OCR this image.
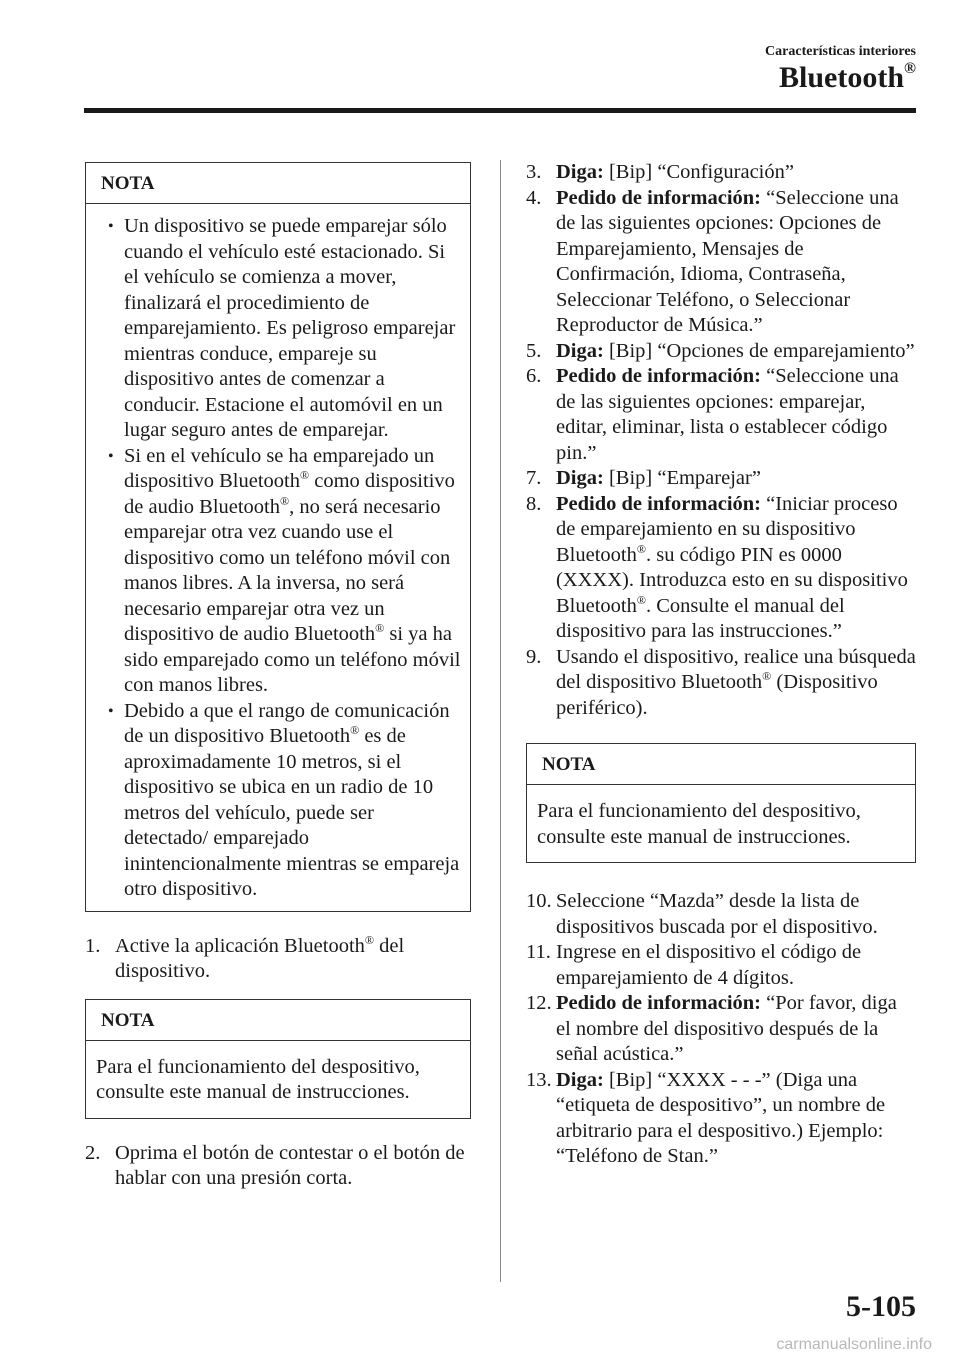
Características interiores
Bluetooth®
NOTA

• Un dispositivo se puede emparejar sólo cuando el vehículo esté estacionado. Si el vehículo se comienza a mover, finalizará el procedimiento de emparejamiento. Es peligroso emparejar mientras conduce, empareje su dispositivo antes de comenzar a conducir. Estacione el automóvil en un lugar seguro antes de emparejar.

• Si en el vehículo se ha emparejado un dispositivo Bluetooth® como dispositivo de audio Bluetooth®, no será necesario emparejar otra vez cuando use el dispositivo como un teléfono móvil con manos libres. A la inversa, no será necesario emparejar otra vez un dispositivo de audio Bluetooth® si ya ha sido emparejado como un teléfono móvil con manos libres.

• Debido a que el rango de comunicación de un dispositivo Bluetooth® es de aproximadamente 10 metros, si el dispositivo se ubica en un radio de 10 metros del vehículo, puede ser detectado/ emparejado inintencionalmente mientras se empareja otro dispositivo.

1. Active la aplicación Bluetooth® del dispositivo.

NOTA
Para el funcionamiento del despositivo, consulte este manual de instrucciones.

2. Oprima el botón de contestar o el botón de hablar con una presión corta.

3. Diga: [Bip] “Configuración”

4. Pedido de información: “Seleccione una de las siguientes opciones: Opciones de Emparejamiento, Mensajes de Confirmación, Idioma, Contraseña, Seleccionar Teléfono, o Seleccionar Reproductor de Música.”

5. Diga: [Bip] “Opciones de emparejamiento”

6. Pedido de información: “Seleccione una de las siguientes opciones: emparejar, editar, eliminar, lista o establecer código pin.”

7. Diga: [Bip] “Emparejar”

8. Pedido de información: “Iniciar proceso de emparejamiento en su dispositivo Bluetooth®. su código PIN es 0000 (XXXX). Introduzca esto en su dispositivo Bluetooth®. Consulte el manual del dispositivo para las instrucciones.”

9. Usando el dispositivo, realice una búsqueda del dispositivo Bluetooth® (Dispositivo periférico).

NOTA
Para el funcionamiento del despositivo, consulte este manual de instrucciones.

10. Seleccione “Mazda” desde la lista de dispositivos buscada por el dispositivo.

11. Ingrese en el dispositivo el código de emparejamiento de 4 dígitos.

12. Pedido de información: “Por favor, diga el nombre del dispositivo después de la señal acústica.”

13. Diga: [Bip] “XXXX - - -” (Diga una “etiqueta de despositivo”, un nombre de arbitrario para el despositivo.) Ejemplo: “Teléfono de Stan.”

5-105
carmanualsonline.info
